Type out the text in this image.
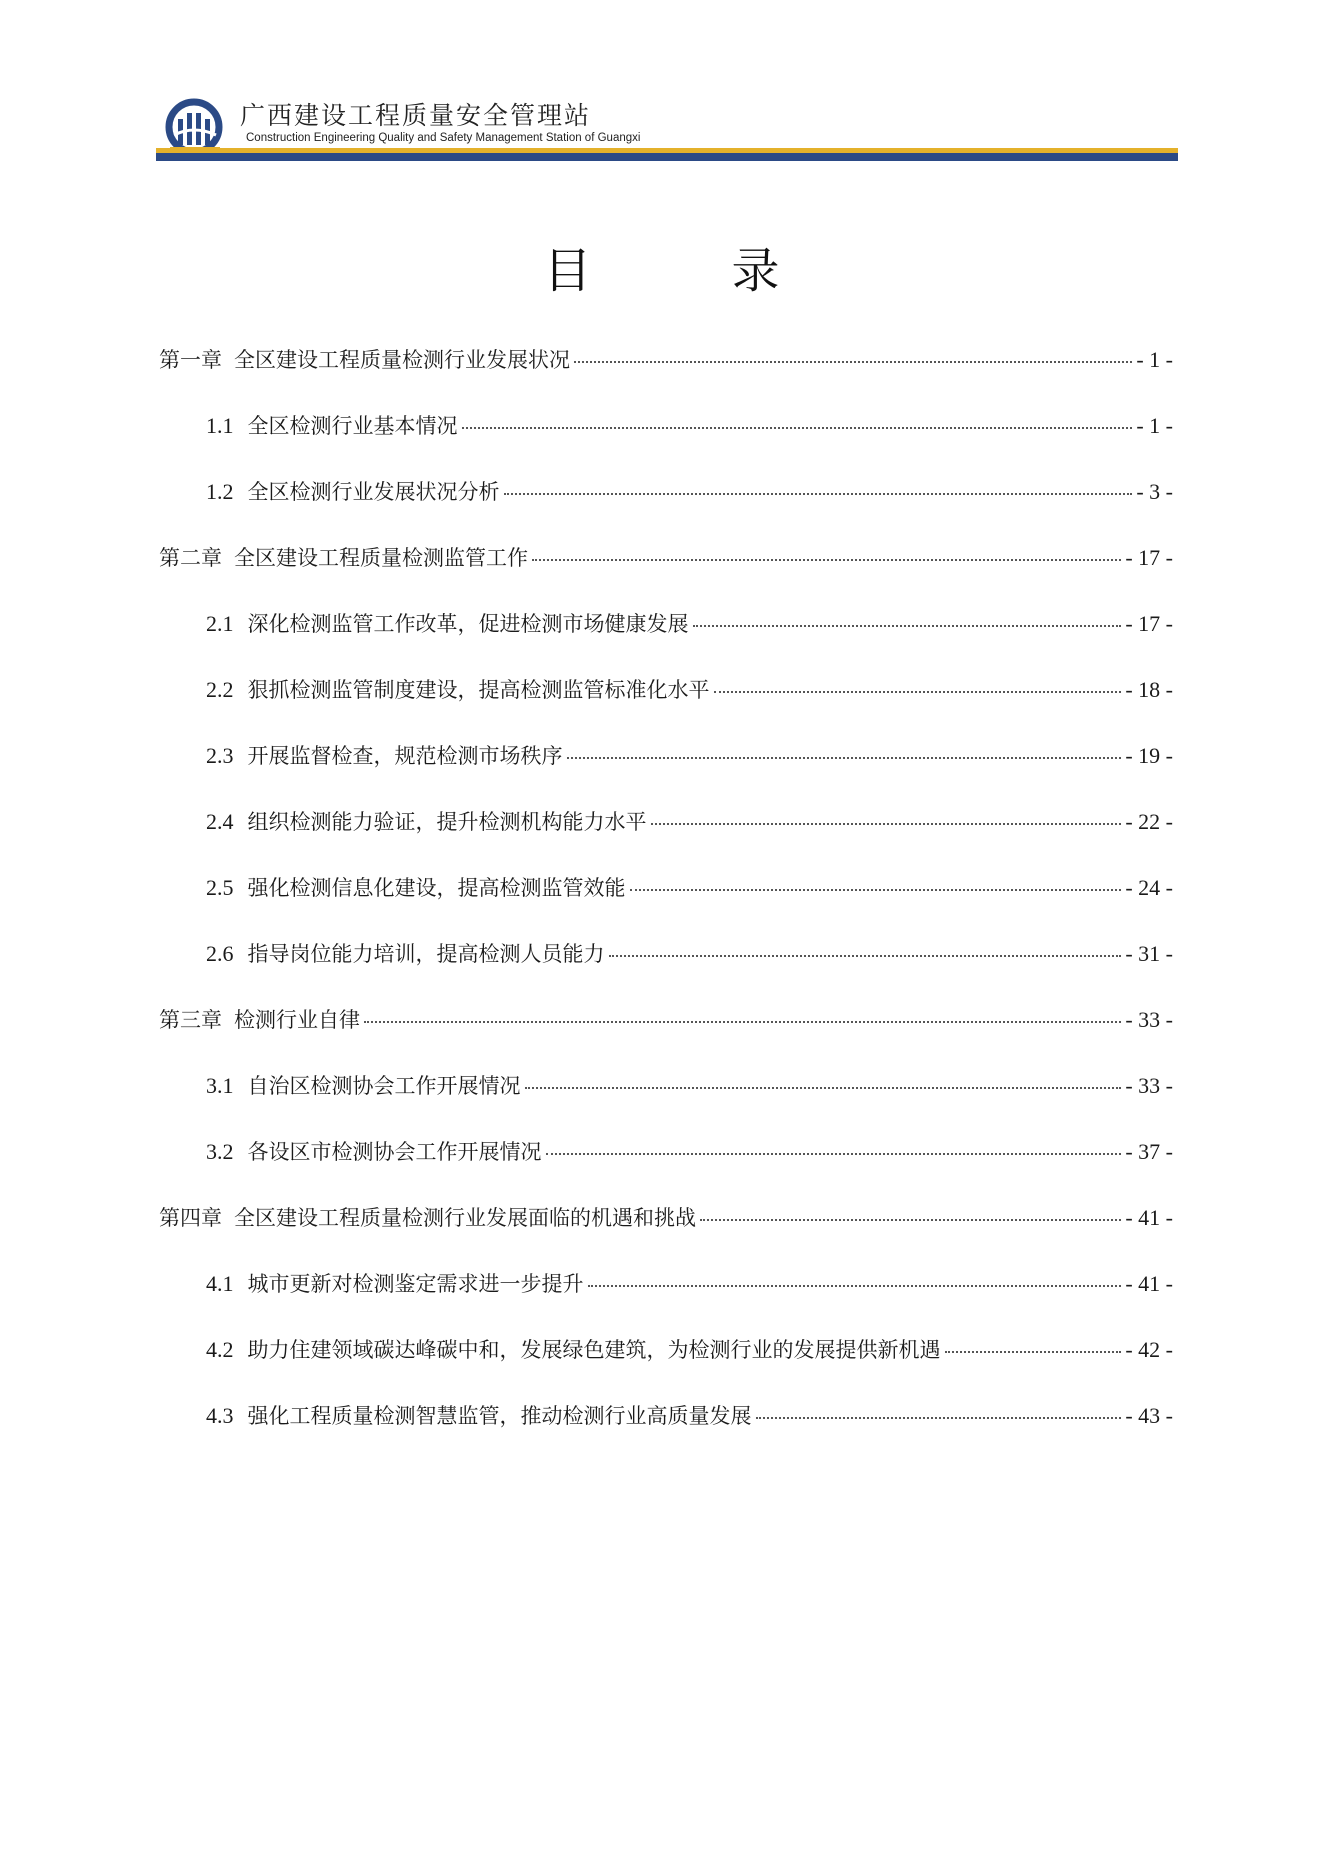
广西建设工程质量安全管理站
Construction Engineering Quality and Safety Management Station of Guangxi
目　录
第一章 全区建设工程质量检测行业发展状况	- 1 -
1.1 全区检测行业基本情况	- 1 -
1.2 全区检测行业发展状况分析	- 3 -
第二章 全区建设工程质量检测监管工作	- 17 -
2.1 深化检测监管工作改革，促进检测市场健康发展	- 17 -
2.2 狠抓检测监管制度建设，提高检测监管标准化水平	- 18 -
2.3 开展监督检查，规范检测市场秩序	- 19 -
2.4 组织检测能力验证，提升检测机构能力水平	- 22 -
2.5 强化检测信息化建设，提高检测监管效能	- 24 -
2.6 指导岗位能力培训，提高检测人员能力	- 31 -
第三章 检测行业自律	- 33 -
3.1 自治区检测协会工作开展情况	- 33 -
3.2 各设区市检测协会工作开展情况	- 37 -
第四章 全区建设工程质量检测行业发展面临的机遇和挑战	- 41 -
4.1 城市更新对检测鉴定需求进一步提升	- 41 -
4.2 助力住建领域碳达峰碳中和，发展绿色建筑，为检测行业的发展提供新机遇	- 42 -
4.3 强化工程质量检测智慧监管，推动检测行业高质量发展	- 43 -
